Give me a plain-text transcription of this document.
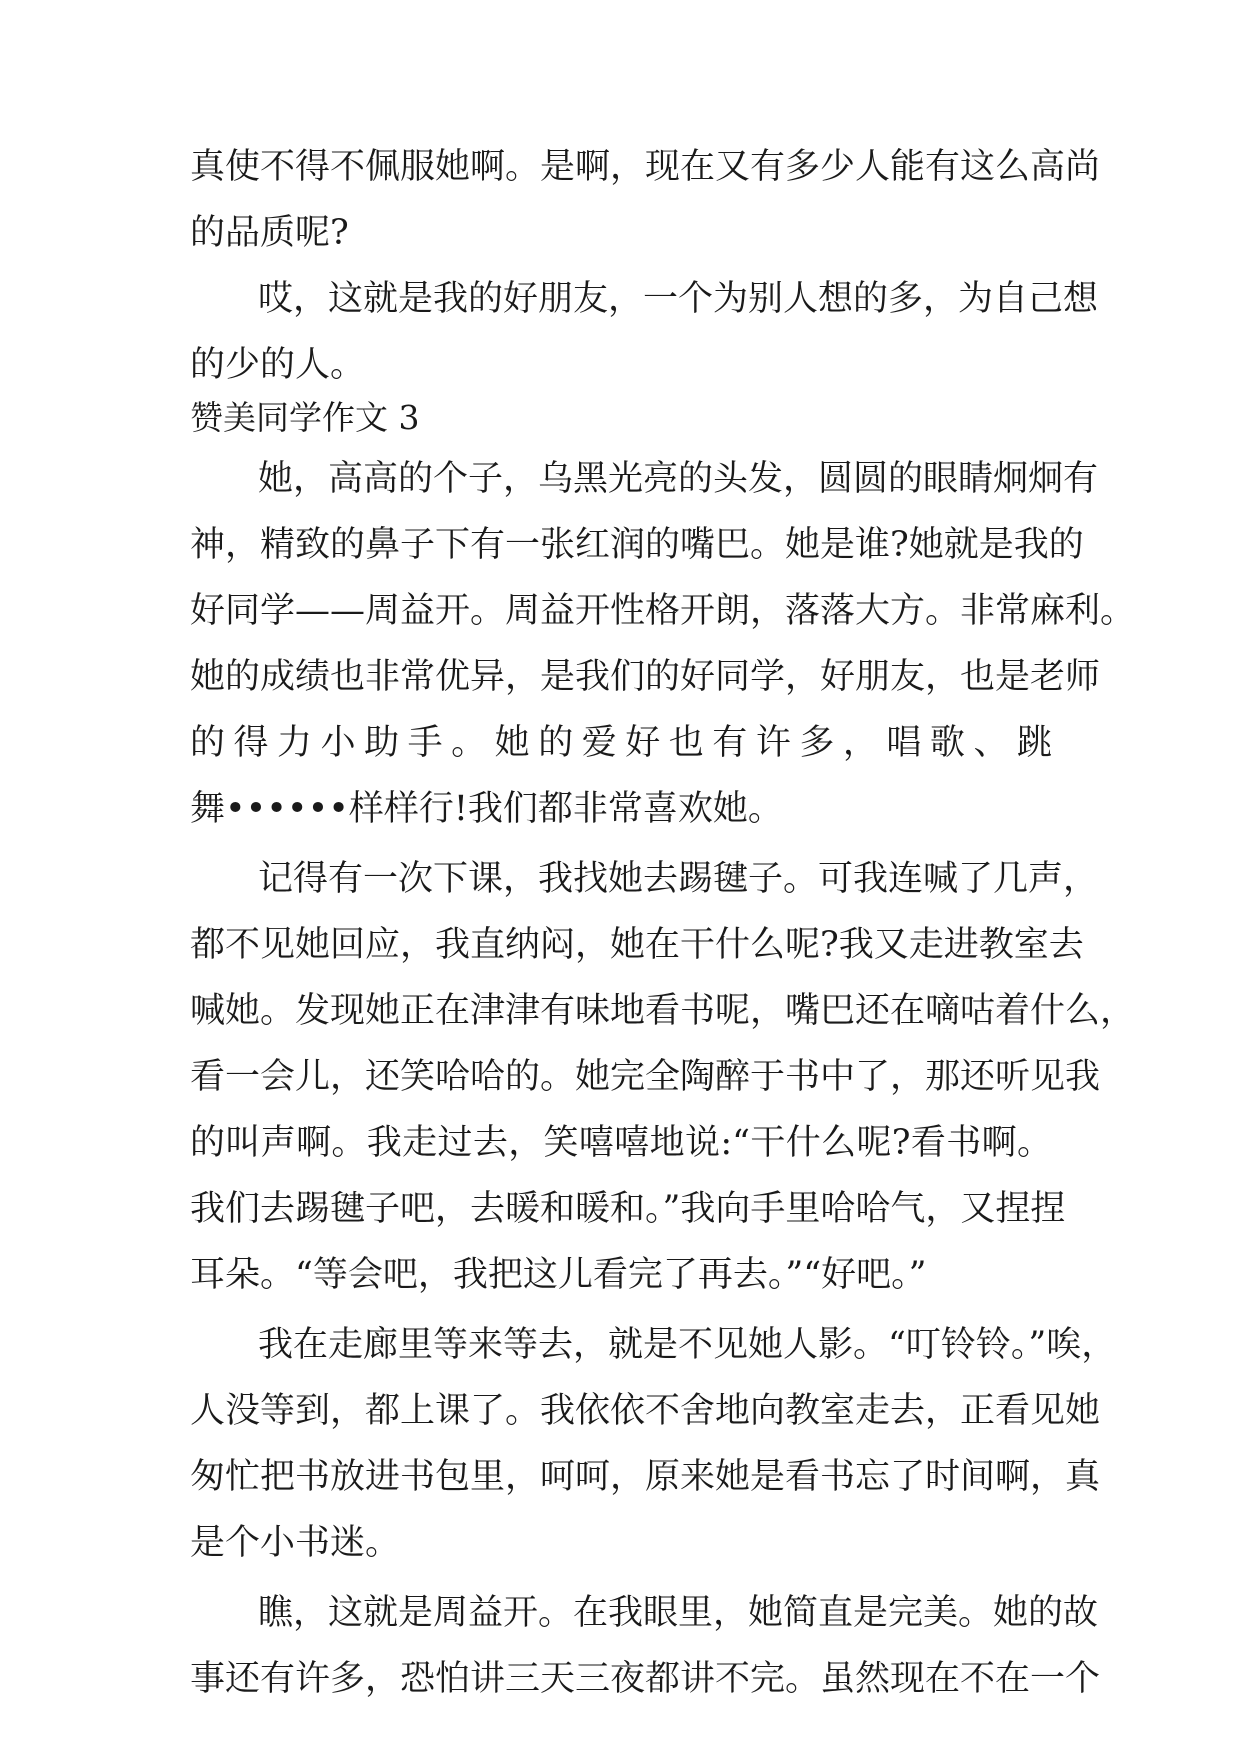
真使不得不佩服她啊。是啊，现在又有多少人能有这么高尚
的品质呢?
哎，这就是我的好朋友，一个为别人想的多，为自己想
的少的人。
赞美同学作文 3
她，高高的个子，乌黑光亮的头发，圆圆的眼睛炯炯有
神，精致的鼻子下有一张红润的嘴巴。她是谁?她就是我的
好同学——周益开。周益开性格开朗，落落大方。非常麻利。
她的成绩也非常优异，是我们的好同学，好朋友，也是老师
的得力小助手。她的爱好也有许多，唱歌、跳
舞••••••样样行!我们都非常喜欢她。
记得有一次下课，我找她去踢毽子。可我连喊了几声，
都不见她回应，我直纳闷，她在干什么呢?我又走进教室去
喊她。发现她正在津津有味地看书呢，嘴巴还在嘀咕着什么，
看一会儿，还笑哈哈的。她完全陶醉于书中了，那还听见我
的叫声啊。我走过去，笑嘻嘻地说:“干什么呢?看书啊。
我们去踢毽子吧，去暖和暖和。”我向手里哈哈气，又捏捏
耳朵。“等会吧，我把这儿看完了再去。”“好吧。”
我在走廊里等来等去，就是不见她人影。“叮铃铃。”唉，
人没等到，都上课了。我依依不舍地向教室走去，正看见她
匆忙把书放进书包里，呵呵，原来她是看书忘了时间啊，真
是个小书迷。
瞧，这就是周益开。在我眼里，她简直是完美。她的故
事还有许多，恐怕讲三天三夜都讲不完。虽然现在不在一个
